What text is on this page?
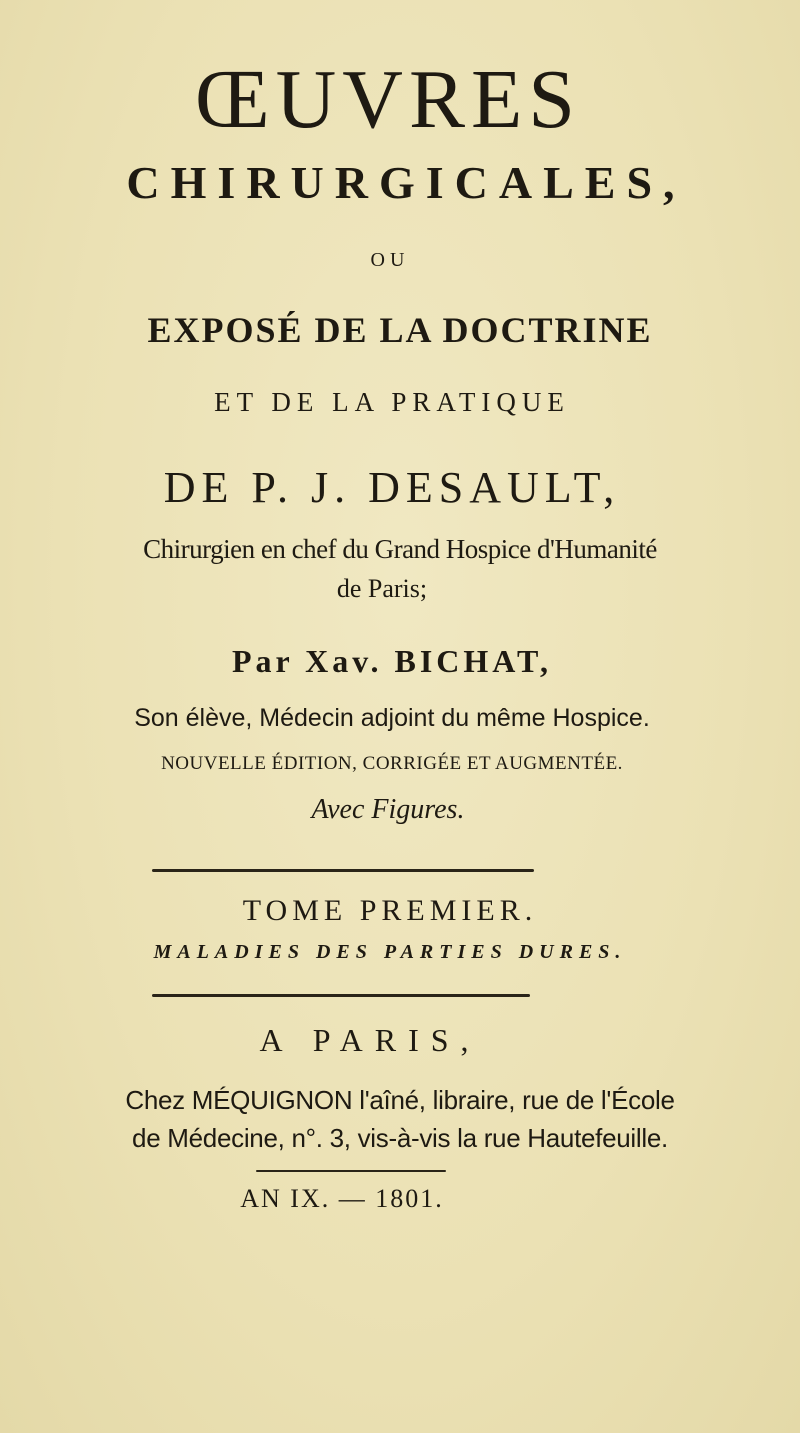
ŒUVRES
CHIRURGICALES,
OU
EXPOSÉ DE LA DOCTRINE
ET DE LA PRATIQUE
DE P. J. DESAULT,
Chirurgien en chef du Grand Hospice d'Humanité
de Paris;
Par Xav. BICHAT,
Son élève, Médecin adjoint du même Hospice.
NOUVELLE ÉDITION, CORRIGÉE ET AUGMENTÉE.
Avec Figures.
TOME PREMIER.
MALADIES DES PARTIES DURES.
A PARIS,
Chez MÉQUIGNON l'aîné, libraire, rue de l'École
de Médecine, n°. 3, vis-à-vis la rue Hautefeuille.
AN IX. — 1801.
